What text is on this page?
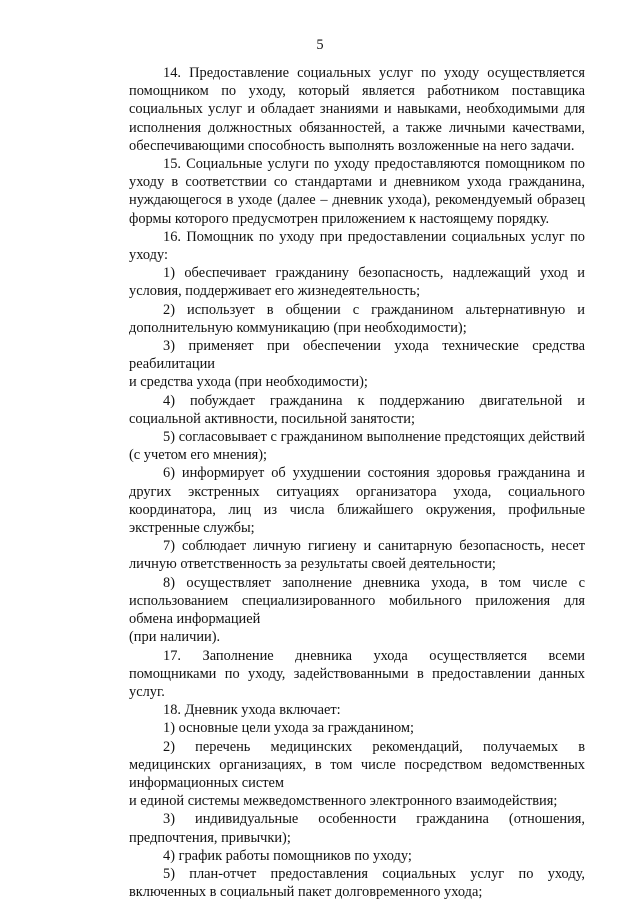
5

14. Предоставление социальных услуг по уходу осуществляется помощником по уходу, который является работником поставщика социальных услуг и обладает знаниями и навыками, необходимыми для исполнения должностных обязанностей, а также личными качествами, обеспечивающими способность выполнять возложенные на него задачи.

15. Социальные услуги по уходу предоставляются помощником по уходу в соответствии со стандартами и дневником ухода гражданина, нуждающегося в уходе (далее – дневник ухода), рекомендуемый образец формы которого предусмотрен приложением к настоящему порядку.

16. Помощник по уходу при предоставлении социальных услуг по уходу:

1) обеспечивает гражданину безопасность, надлежащий уход и условия, поддерживает его жизнедеятельность;

2) использует в общении с гражданином альтернативную и дополнительную коммуникацию (при необходимости);

3) применяет при обеспечении ухода технические средства реабилитации

и средства ухода (при необходимости);

4) побуждает гражданина к поддержанию двигательной и социальной активности, посильной занятости;

5) согласовывает с гражданином выполнение предстоящих действий (с учетом его мнения);

6) информирует об ухудшении состояния здоровья гражданина и других экстренных ситуациях организатора ухода, социального координатора, лиц из числа ближайшего окружения, профильные экстренные службы;

7) соблюдает личную гигиену и санитарную безопасность, несет личную ответственность за результаты своей деятельности;

8) осуществляет заполнение дневника ухода, в том числе с использованием специализированного мобильного приложения для обмена информацией

(при наличии).

17. Заполнение дневника ухода осуществляется всеми помощниками по уходу, задействованными в предоставлении данных услуг.

18. Дневник ухода включает:

1) основные цели ухода за гражданином;

2) перечень медицинских рекомендаций, получаемых в медицинских организациях, в том числе посредством ведомственных информационных систем

и единой системы межведомственного электронного взаимодействия;

3) индивидуальные особенности гражданина (отношения, предпочтения, привычки);

4) график работы помощников по уходу;

5) план-отчет предоставления социальных услуг по уходу, включенных в социальный пакет долговременного ухода;
